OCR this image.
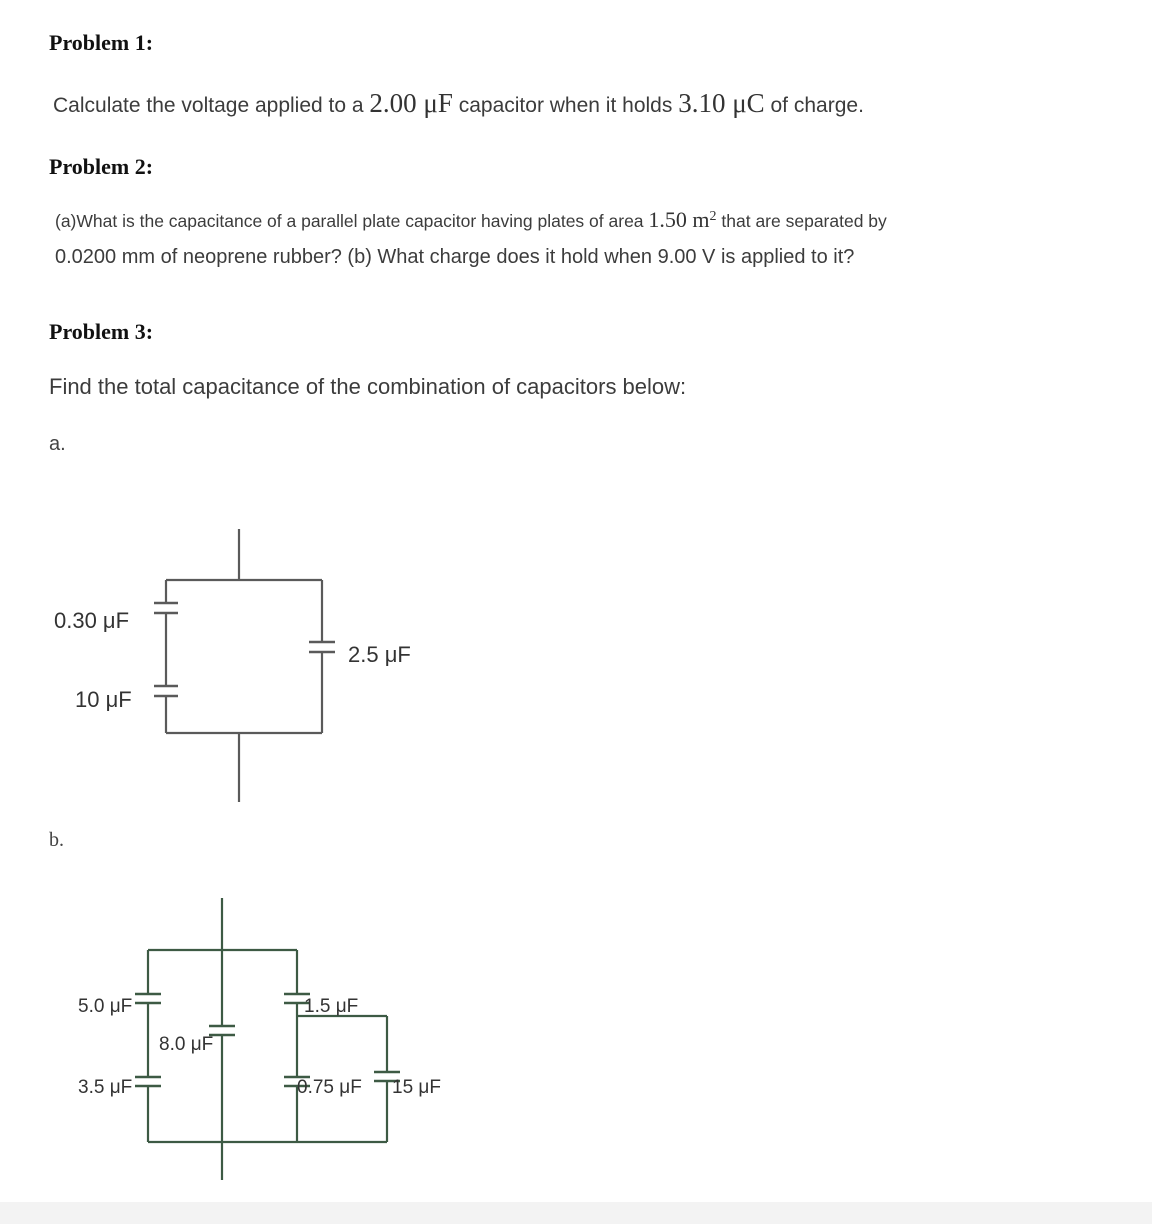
Problem 1:

Calculate the voltage applied to a 2.00 μF capacitor when it holds 3.10 μC of charge.

Problem 2:

(a)What is the capacitance of a parallel plate capacitor having plates of area 1.50 $m^2$ that are separated by

0.0200 mm of neoprene rubber? (b) What charge does it hold when 9.00 V is applied to it?

Problem 3:

Find the total capacitance of the combination of capacitors below:

a.

b.

0.30 μF
10 μF
2.5 μF
5.0 μF
3.5 μF
8.0 μF
1.5 μF
0.75 μF 15 μF
